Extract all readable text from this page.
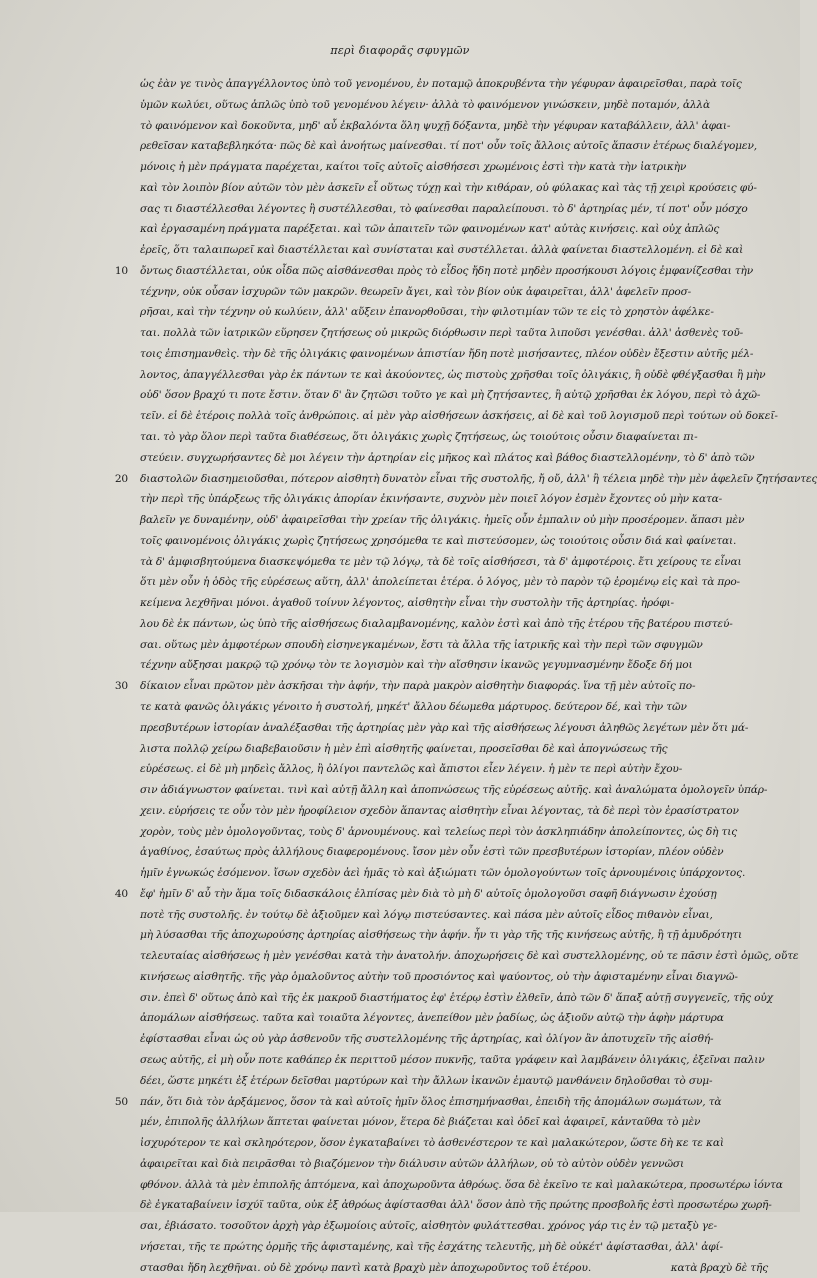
περὶ διαφορᾶς σφυγμῶν
ὡς ἐὰν γε τινὸς ἀπαγγέλλοντος ὑπὸ τοῦ γενομένου, ἐν ποταμῷ ἀποκρυβέντα τὴν γέφυραν ἀφαιρεῖσθαι, παρὰ τοῖς
ὑμῶν κωλύει, οὕτως ἁπλῶς ὑπὸ τοῦ γενομένου λέγειν· ἀλλὰ τὸ φαινόμενον γινώσκειν, μηδὲ ποταμόν, ἀλλὰ
τὸ φαινόμενον καὶ δοκοῦντα, μηδ' αὖ ἐκβαλόντα ὅλη ψυχῇ δόξαντα, μηδὲ τὴν γέφυραν καταβάλλειν, ἀλλ' ἀφαι-
ρεθεῖσαν καταβεβληκότα· πῶς δὲ καὶ ἀνοήτως μαίνεσθαι. τί ποτ' οὖν τοῖς ἄλλοις αὐτοῖς ἅπασιν ἑτέρως διαλέγομεν,
μόνοις ἡ μὲν πράγματα παρέχεται, καίτοι τοῖς αὐτοῖς αἰσθήσεσι χρωμένοις ἐστὶ τὴν κατὰ τὴν ἰατρικὴν
καὶ τὸν λοιπὸν βίον αὐτῶν τὸν μὲν ἀσκεῖν εἶ οὕτως τύχῃ καὶ τὴν κιθάραν, οὐ φύλακας καὶ τὰς τῇ χειρὶ κρούσεις φύ-
σας τι διαστέλλεσθαι λέγοντες ἢ συστέλλεσθαι, τὸ φαίνεσθαι παραλείπουσι. τὸ δ' ἀρτηρίας μέν, τί ποτ' οὖν μόσχο
καὶ ἐργασαμένη πράγματα παρέξεται. καὶ τῶν ἀπαιτεῖν τῶν φαινομένων κατ' αὐτὰς κινήσεις. καὶ οὐχ ἁπλῶς
ἐρεῖς, ὅτι ταλαιπωρεῖ καὶ διαστέλλεται καὶ συνίσταται καὶ συστέλλεται. ἀλλὰ φαίνεται διαστελλομένη. εἰ δὲ καὶ
10 ὄντως διαστέλλεται, οὐκ οἶδα πῶς αἰσθάνεσθαι πρὸς τὸ εἶδος ἤδη ποτὲ μηδὲν προσήκουσι λόγοις ἐμφανίζεσθαι τὴν
τέχνην, οὐκ οὖσαν ἰσχυρῶν τῶν μακρῶν. θεωρεῖν ἄγει, καὶ τὸν βίον οὐκ ἀφαιρεῖται, ἀλλ' ἀφελεῖν προσ-
ρῆσαι, καὶ τὴν τέχνην οὐ κωλύειν, ἀλλ' αὔξειν ἐπανορθοῦσαι, τὴν φιλοτιμίαν τῶν τε εἰς τὸ χρηστὸν ἀφέλκε-
ται. πολλὰ τῶν ἰατρικῶν εὕρησεν ζητήσεως οὐ μικρῶς διόρθωσιν περὶ ταῦτα λιποῦσι γενέσθαι. ἀλλ' ἀσθενὲς τοῦ-
τοις ἐπισημανθεὶς. τὴν δὲ τῆς ὀλιγάκις φαινομένων ἀπιστίαν ἤδη ποτὲ μισήσαντες, πλέον οὐδὲν ἔξεστιν αὐτῆς μέλ-
λοντος, ἀπαγγέλλεσθαι γὰρ ἐκ πάντων τε καὶ ἀκούοντες, ὡς πιστοὺς χρῆσθαι τοῖς ὀλιγάκις, ἢ οὐδὲ φθέγξασθαι ἢ μὴν
οὐδ' ὅσον βραχύ τι ποτε ἔστιν. ὅταν δ' ἂν ζητῶσι τοῦτο γε καὶ μὴ ζητήσαντες, ἢ αὐτῷ χρῆσθαι ἐκ λόγου, περὶ τὸ ἀχῶ-
τεῖν. εἰ δὲ ἑτέροις πολλὰ τοῖς ἀνθρώποις. αἱ μὲν γὰρ αἰσθήσεων ἀσκήσεις, αἱ δὲ καὶ τοῦ λογισμοῦ περὶ τούτων οὐ δοκεῖ-
ται. τὸ γὰρ ὅλον περὶ ταῦτα διαθέσεως, ὅτι ὀλιγάκις χωρὶς ζητήσεως, ὡς τοιούτοις οὖσιν διαφαίνεται πι-
στεύειν. συγχωρήσαντες δὲ μοι λέγειν τὴν ἀρτηρίαν εἰς μῆκος καὶ πλάτος καὶ βάθος διαστελλομένην, τὸ δ' ἀπὸ τῶν
20 διαστολῶν διασημειοῦσθαι, πότερον αἰσθητὴ δυνατὸν εἶναι τῆς συστολῆς, ἤ οὔ, ἀλλ' ἢ τέλεια μηδὲ τὴν μὲν ἀφελεῖν ζητήσαντες
τὴν περὶ τῆς ὑπάρξεως τῆς ὀλιγάκις ἀπορίαν ἐκινήσαντε, συχνὸν μὲν ποιεῖ λόγον ἐσμὲν ἔχοντες οὐ μὴν κατα-
βαλεῖν γε δυναμένην, οὐδ' ἀφαιρεῖσθαι τὴν χρείαν τῆς ὀλιγάκις. ἡμεῖς οὖν ἐμπαλιν οὐ μὴν προσέρομεν. ἅπασι μὲν
τοῖς φαινομένοις ὀλιγάκις χωρὶς ζητήσεως χρησόμεθα τε καὶ πιστεύσομεν, ὡς τοιούτοις οὖσιν διά καὶ φαίνεται.
τὰ δ' ἀμφισβητούμενα διασκεψόμεθα τε μὲν τῷ λόγῳ, τὰ δὲ τοῖς αἰσθήσεσι, τὰ δ' ἀμφοτέροις. ἔτι χείρους τε εἶναι
ὅτι μὲν οὖν ἡ ὁδὸς τῆς εὑρέσεως αὕτη, ἀλλ' ἀπολείπεται ἑτέρα. ὁ λόγος, μὲν τὸ παρὸν τῷ ἐρομένῳ εἰς καὶ τὰ προ-
κείμενα λεχθῆναι μόνοι. ἀγαθοῦ τοίνυν λέγοντος, αἰσθητὴν εἶναι τὴν συστολὴν τῆς ἀρτηρίας. ἠρόφι-
λου δὲ ἐκ πάντων, ὡς ὑπὸ τῆς αἰσθήσεως διαλαμβανομένης, καλὸν ἐστὶ καὶ ἀπὸ τῆς ἑτέρου τῆς βατέρου πιστεύ-
σαι. οὕτως μὲν ἀμφοτέρων σπουδὴ εἰσηνεγκαμένων, ἔστι τὰ ἄλλα τῆς ἰατρικῆς καὶ τὴν περὶ τῶν σφυγμῶν
τέχνην αὔξησαι μακρῷ τῷ χρόνῳ τὸν τε λογισμὸν καὶ τὴν αἴσθησιν ἱκανῶς γεγυμνασμένην ἔδοξε δή μοι
30 δίκαιον εἶναι πρῶτον μὲν ἀσκῆσαι τὴν ἁφήν, τὴν παρὰ μακρὸν αἰσθητὴν διαφοράς. ἵνα τῇ μὲν αὐτοῖς πο-
τε κατὰ φανῶς ὀλιγάκις γένοιτο ἡ συστολή, μηκέτ' ἄλλου δέωμεθα μάρτυρος. δεύτερον δέ, καὶ τὴν τῶν
πρεσβυτέρων ἱστορίαν ἀναλέξασθαι τῆς ἀρτηρίας μὲν γὰρ καὶ τῆς αἰσθήσεως λέγουσι ἀληθῶς λεγέτων μὲν ὅτι μά-
λιστα πολλῷ χείρω διαβεβαιοῦσιν ἡ μὲν ἐπὶ αἰσθητῆς φαίνεται, προσεῖσθαι δὲ καὶ ἀπογνώσεως τῆς
εὑρέσεως. εἰ δὲ μὴ μηδεὶς ἄλλος, ἢ ὀλίγοι παντελῶς καὶ ἄπιστοι εἶεν λέγειν. ἡ μὲν τε περὶ αὐτὴν ἔχου-
σιν ἀδιάγνωστον φαίνεται. τινὶ καὶ αὐτῇ ἄλλη καὶ ἀποπνώσεως τῆς εὑρέσεως αὐτῆς. καὶ ἀναλώματα ὁμολογεῖν ὑπάρ-
χειν. εὑρήσεις τε οὖν τὸν μὲν ἠροφίλειον σχεδὸν ἅπαντας αἰσθητὴν εἶναι λέγοντας, τὰ δὲ περὶ τὸν ἐρασίστρατον
χορὸν, τοὺς μὲν ὁμολογοῦντας, τοὺς δ' ἀρνουμένους. καὶ τελείως περὶ τὸν ἀσκληπιάδην ἀπολείποντες, ὡς δὴ τις
ἀγαθίνος, ἐσαύτως πρὸς ἀλλήλους διαφερομένους. ἴσον μὲν οὖν ἐστὶ τῶν πρεσβυτέρων ἱστορίαν, πλέον οὐδὲν
ἡμῖν ἐγνωκώς ἐσόμενον. ἴσων σχεδὸν ἀεὶ ἡμᾶς τὸ καὶ ἀξιώματι τῶν ὁμολογούντων τοῖς ἀρνουμένοις ὑπάρχοντος.
40 ἔφ' ἡμῖν δ' αὖ τὴν ἅμα τοῖς διδασκάλοις ἐλπίσας μὲν διὰ τὸ μὴ δ' αὐτοῖς ὁμολογοῦσι σαφῆ διάγνωσιν ἐχούσῃ
ποτὲ τῆς συστολῆς. ἐν τούτῳ δὲ ἀξιοῦμεν καὶ λόγῳ πιστεύσαντες. καὶ πάσα μὲν αὐτοῖς εἶδος πιθανὸν εἶναι,
μὴ λύσασθαι τῆς ἀποχωρούσης ἀρτηρίας αἰσθήσεως τὴν ἁφήν. ἦν τι γὰρ τῆς τῆς κινήσεως αὐτῆς, ἢ τῇ ἀμυδρότητι
τελευταίας αἰσθήσεως ἡ μὲν γενέσθαι κατὰ τὴν ἀνατολήν. ἀποχωρήσεις δὲ καὶ συστελλομένης, οὐ τε πᾶσιν ἐστὶ ὁμῶς, οὔτε
κινήσεως αἰσθητῆς. τῆς γὰρ ὁμαλοῦντος αὐτὴν τοῦ προσιόντος καὶ ψαύοντος, οὐ τὴν ἀφισταμένην εἶναι διαγνῶ-
σιν. ἐπεὶ δ' οὕτως ἀπὸ καὶ τῆς ἐκ μακροῦ διαστήματος ἐφ' ἑτέρῳ ἐστὶν ἐλθεῖν, ἀπὸ τῶν δ' ἅπαξ αὐτῇ συγγενεῖς, τῆς οὐχ
ἀπομάλων αἰσθήσεως. ταῦτα καὶ τοιαῦτα λέγοντες, ἀνεπείθον μὲν ῥαδίως, ὡς ἀξιοῦν αὐτῷ τὴν ἁφὴν μάρτυρα
ἐφίστασθαι εἶναι ὡς οὐ γὰρ ἀσθενοῦν τῆς συστελλομένης τῆς ἀρτηρίας, καὶ ὀλίγον ἂν ἀποτυχεῖν τῆς αἰσθή-
σεως αὐτῆς, εἰ μὴ οὖν ποτε καθάπερ ἐκ περιττοῦ μέσον πυκνῆς, ταῦτα γράφειν καὶ λαμβάνειν ὀλιγάκις, ἐξεῖναι παλιν
δέει, ὥστε μηκέτι ἐξ ἑτέρων δεῖσθαι μαρτύρων καὶ τὴν ἄλλων ἱκανῶν ἐμαυτῷ μανθάνειν δηλοῦσθαι τὸ συμ-
50 πάν, ὅτι διὰ τὸν ἀρξάμενος, ὅσον τὰ καὶ αὐτοῖς ἡμῖν ὅλος ἐπισημήνασθαι, ἐπειδὴ τῆς ἀπομάλων σωμάτων, τὰ
μέν, ἐπιπολῆς ἀλλήλων ἅπτεται φαίνεται μόνον, ἕτερα δὲ βιάζεται καὶ ὁδεῖ καὶ ἀφαιρεῖ, κἀνταῦθα τὸ μὲν
ἰσχυρότερον τε καὶ σκληρότερον, ὅσον ἐγκαταβαίνει τὸ ἀσθενέστερον τε καὶ μαλακώτερον, ὥστε δὴ κε τε καὶ
ἀφαιρεῖται καὶ διὰ πειρᾶσθαι τὸ βιαζόμενον τὴν διάλυσιν αὐτῶν ἀλλήλων, οὐ τὸ αὐτὸν οὐδὲν γεννῶσι
φθόνον. ἀλλὰ τὰ μὲν ἐπιπολῆς ἁπτόμενα, καὶ ἀποχωροῦντα ἀθρόως. ὅσα δὲ ἐκεῖνο τε καὶ μαλακώτερα, προσωτέρω ἰόντα
δὲ ἐγκαταβαίνειν ἰσχύϊ ταῦτα, οὐκ ἐξ ἀθρόως ἀφίστασθαι ἀλλ' ὅσον ἀπὸ τῆς πρώτης προσβολῆς ἐστὶ προσωτέρω χωρῆ-
σαι, ἐβιάσατο. τοσοῦτον ἀρχὴ γὰρ ἐξωμοίοις αὐτοῖς, αἰσθητὸν φυλάττεσθαι. χρόνος γάρ τις ἐν τῷ μεταξὺ γε-
νήσεται, τῆς τε πρώτης ὁρμῆς τῆς ἀφισταμένης, καὶ τῆς ἐσχάτης τελευτῆς, μὴ δὲ οὐκέτ' ἀφίστασθαι, ἀλλ' ἀφί-
στασθαι ἤδη λεχθῆναι. οὐ δὲ χρόνῳ παντὶ κατὰ βραχὺ μὲν ἀποχωροῦντος τοῦ ἑτέρου.	κατὰ βραχὺ δὲ τῆς
